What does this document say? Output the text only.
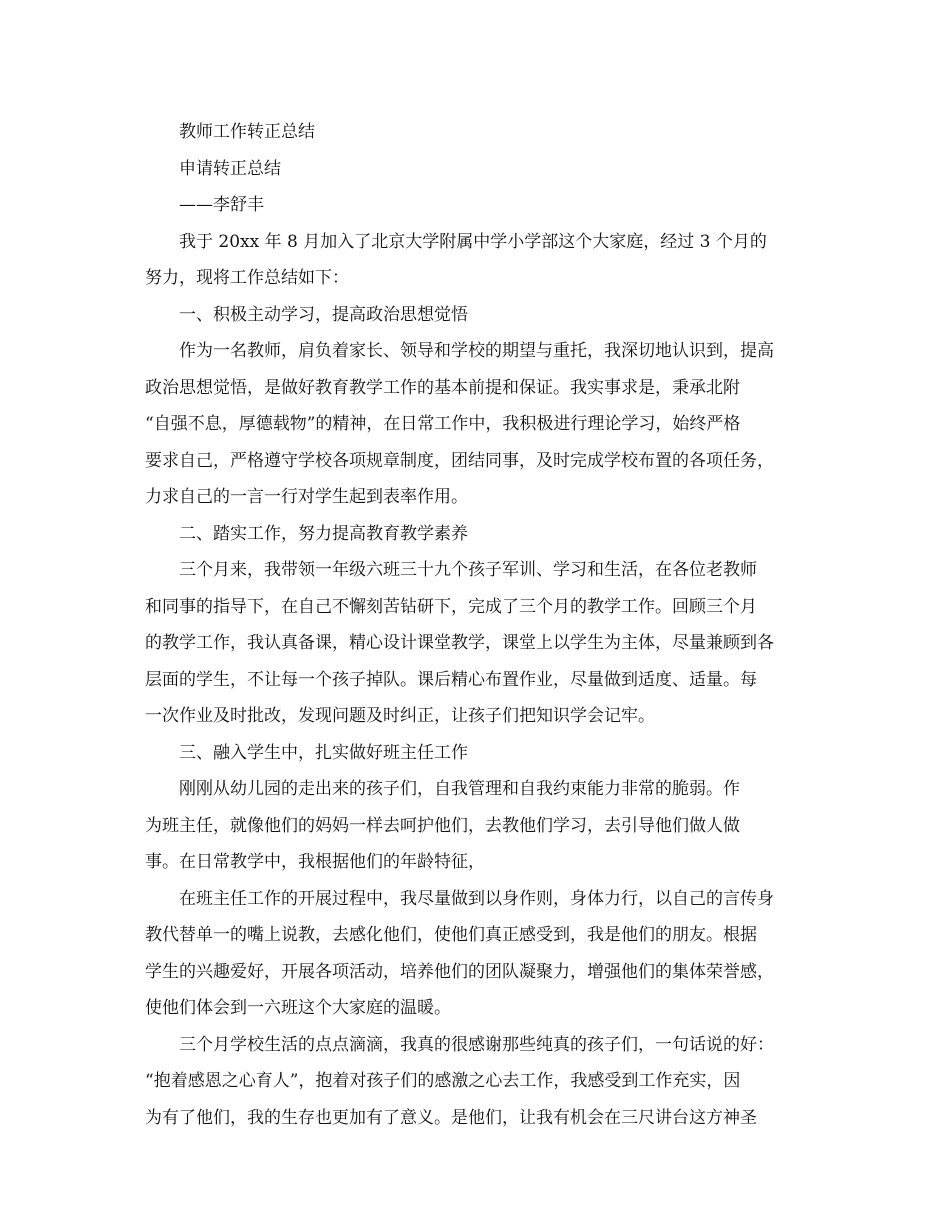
教师工作转正总结
申请转正总结
——李舒丰
我于 20xx 年 8 月加入了北京大学附属中学小学部这个大家庭，经过 3 个月的
努力，现将工作总结如下：
一、积极主动学习，提高政治思想觉悟
作为一名教师，肩负着家长、领导和学校的期望与重托，我深切地认识到，提高
政治思想觉悟，是做好教育教学工作的基本前提和保证。我实事求是，秉承北附
“自强不息，厚德载物”的精神，在日常工作中，我积极进行理论学习，始终严格
要求自己，严格遵守学校各项规章制度，团结同事，及时完成学校布置的各项任务，
力求自己的一言一行对学生起到表率作用。
二、踏实工作，努力提高教育教学素养
三个月来，我带领一年级六班三十九个孩子军训、学习和生活，在各位老教师
和同事的指导下，在自己不懈刻苦钻研下，完成了三个月的教学工作。回顾三个月
的教学工作，我认真备课，精心设计课堂教学，课堂上以学生为主体，尽量兼顾到各
层面的学生，不让每一个孩子掉队。课后精心布置作业，尽量做到适度、适量。每
一次作业及时批改，发现问题及时纠正，让孩子们把知识学会记牢。
三、融入学生中，扎实做好班主任工作
刚刚从幼儿园的走出来的孩子们，自我管理和自我约束能力非常的脆弱。作
为班主任，就像他们的妈妈一样去呵护他们，去教他们学习，去引导他们做人做
事。在日常教学中，我根据他们的年龄特征，
在班主任工作的开展过程中，我尽量做到以身作则，身体力行，以自己的言传身
教代替单一的嘴上说教，去感化他们，使他们真正感受到，我是他们的朋友。根据
学生的兴趣爱好，开展各项活动，培养他们的团队凝聚力，增强他们的集体荣誉感，
使他们体会到一六班这个大家庭的温暖。
三个月学校生活的点点滴滴，我真的很感谢那些纯真的孩子们，一句话说的好：
“抱着感恩之心育人”，抱着对孩子们的感激之心去工作，我感受到工作充实，因
为有了他们，我的生存也更加有了意义。是他们，让我有机会在三尺讲台这方神圣
